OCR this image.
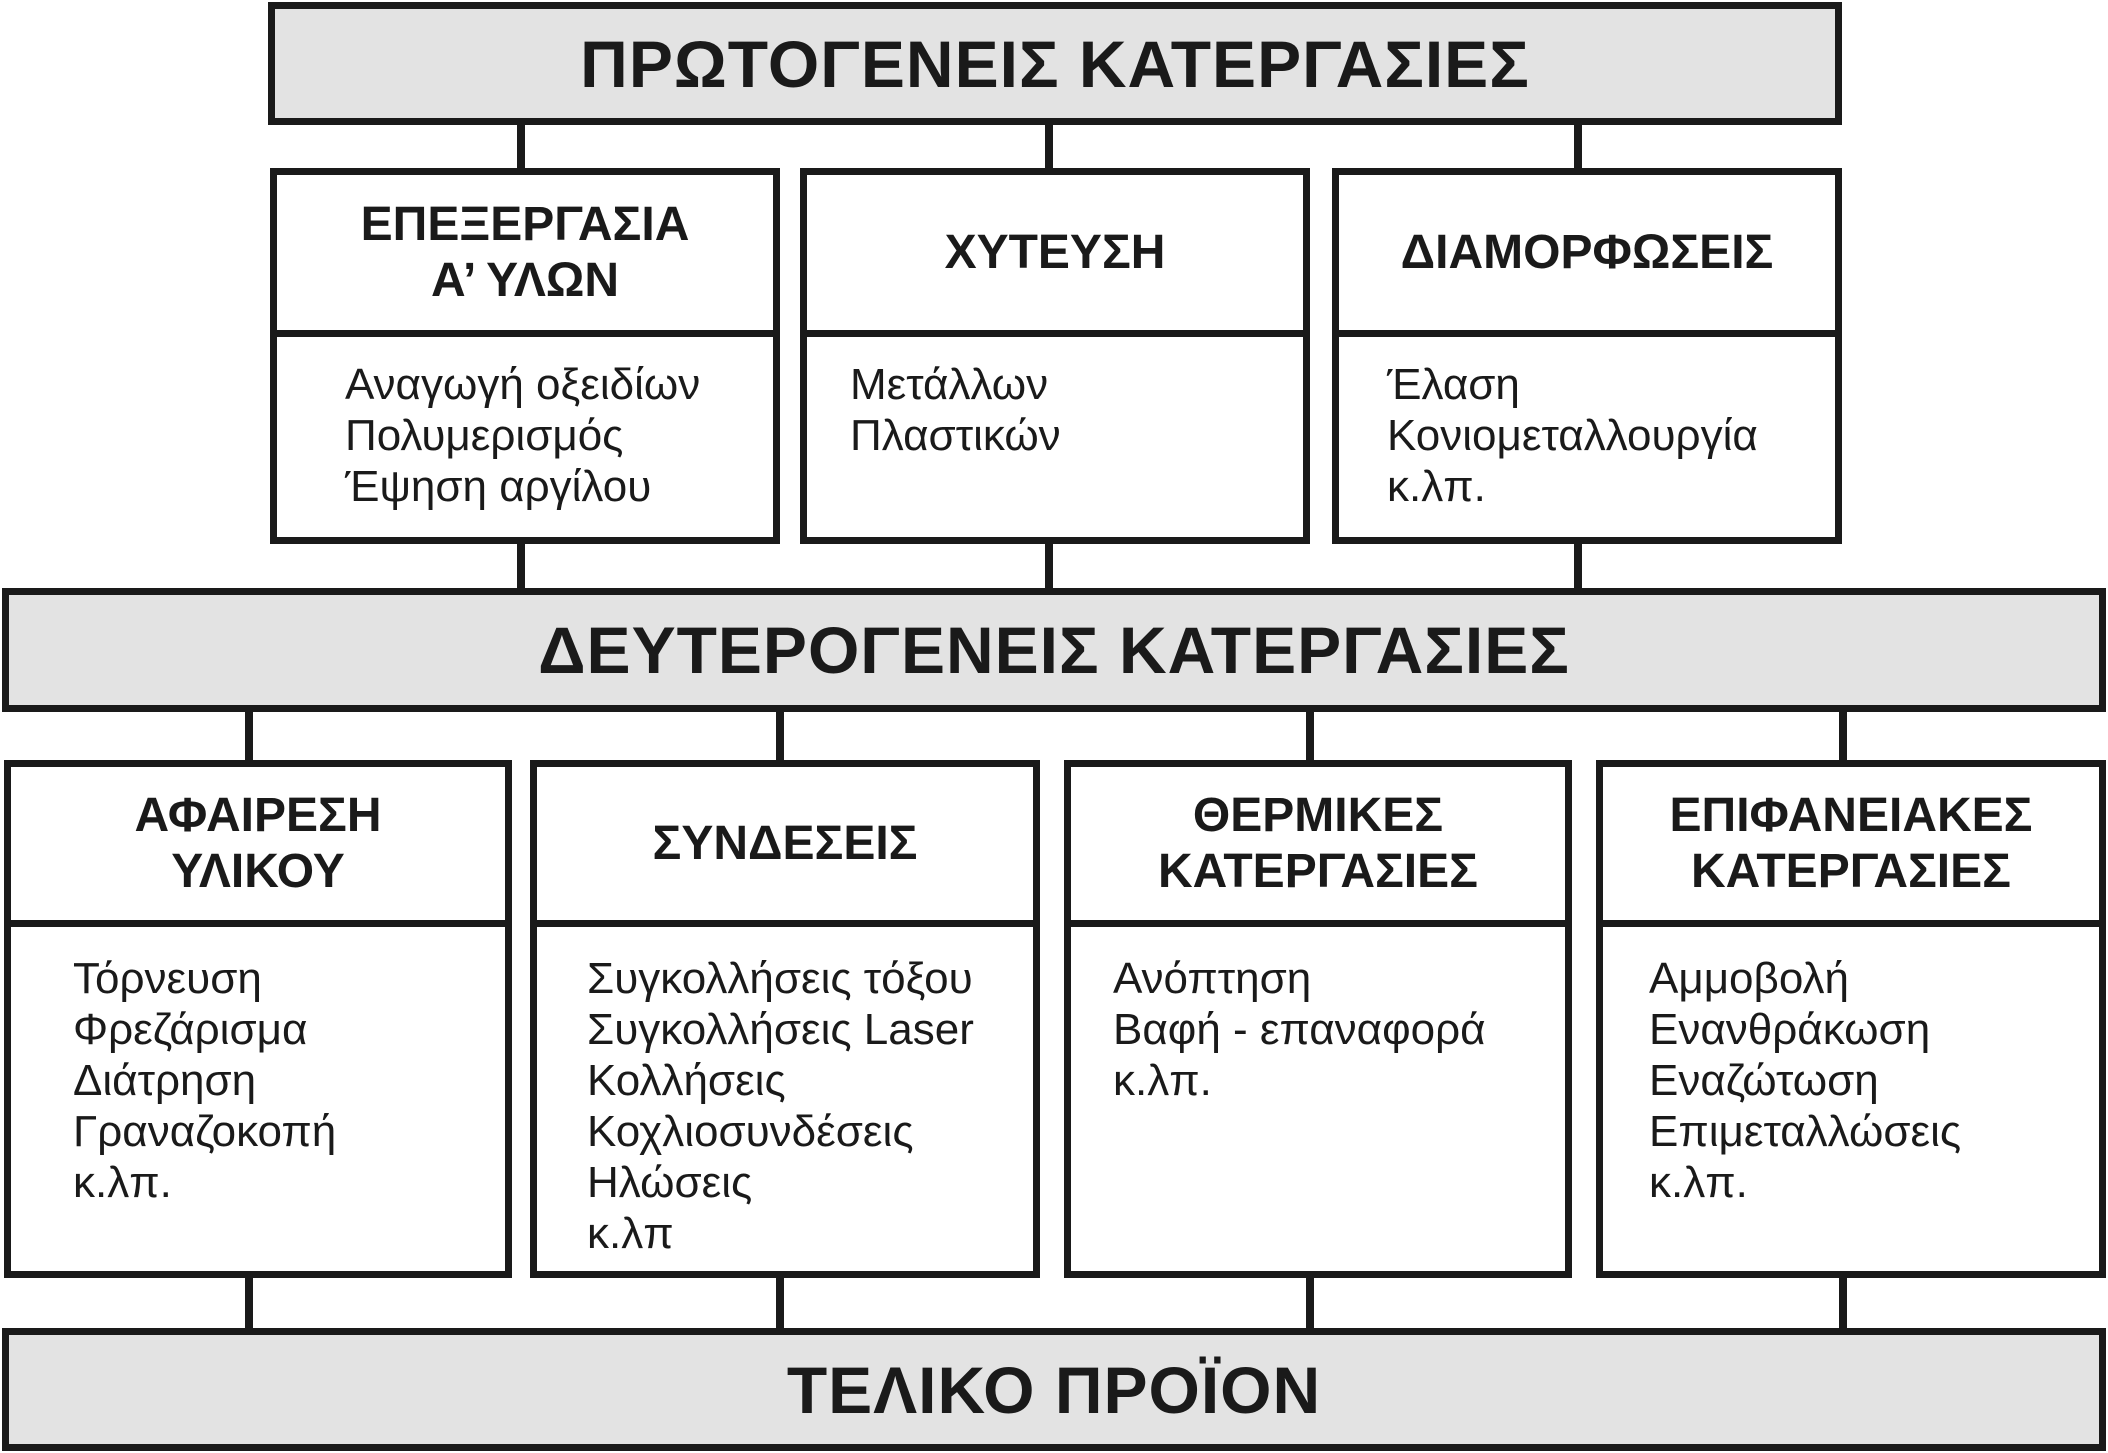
ΠΡΩΤΟΓΕΝΕΙΣ ΚΑΤΕΡΓΑΣΙΕΣ
ΕΠΕΞΕΡΓΑΣΙΑ
Α’ ΥΛΩΝ
Αναγωγή οξειδίων
Πολυμερισμός
Έψηση αργίλου
ΧΥΤΕΥΣΗ
Μετάλλων
Πλαστικών
ΔΙΑΜΟΡΦΩΣΕΙΣ
Έλαση
Κονιομεταλλουργία
κ.λπ.
ΔΕΥΤΕΡΟΓΕΝΕΙΣ ΚΑΤΕΡΓΑΣΙΕΣ
ΑΦΑΙΡΕΣΗ
ΥΛΙΚΟΥ
Τόρνευση
Φρεζάρισμα
Διάτρηση
Γραναζοκοπή
κ.λπ.
ΣΥΝΔΕΣΕΙΣ
Συγκολλήσεις τόξου
Συγκολλήσεις Laser
Κολλήσεις
Κοχλιοσυνδέσεις
Ηλώσεις
κ.λπ
ΘΕΡΜΙΚΕΣ
ΚΑΤΕΡΓΑΣΙΕΣ
Ανόπτηση
Βαφή - επαναφορά
κ.λπ.
ΕΠΙΦΑΝΕΙΑΚΕΣ
ΚΑΤΕΡΓΑΣΙΕΣ
Αμμοβολή
Ενανθράκωση
Εναζώτωση
Επιμεταλλώσεις
κ.λπ.
ΤΕΛΙΚΟ ΠΡΟΪΟΝ
